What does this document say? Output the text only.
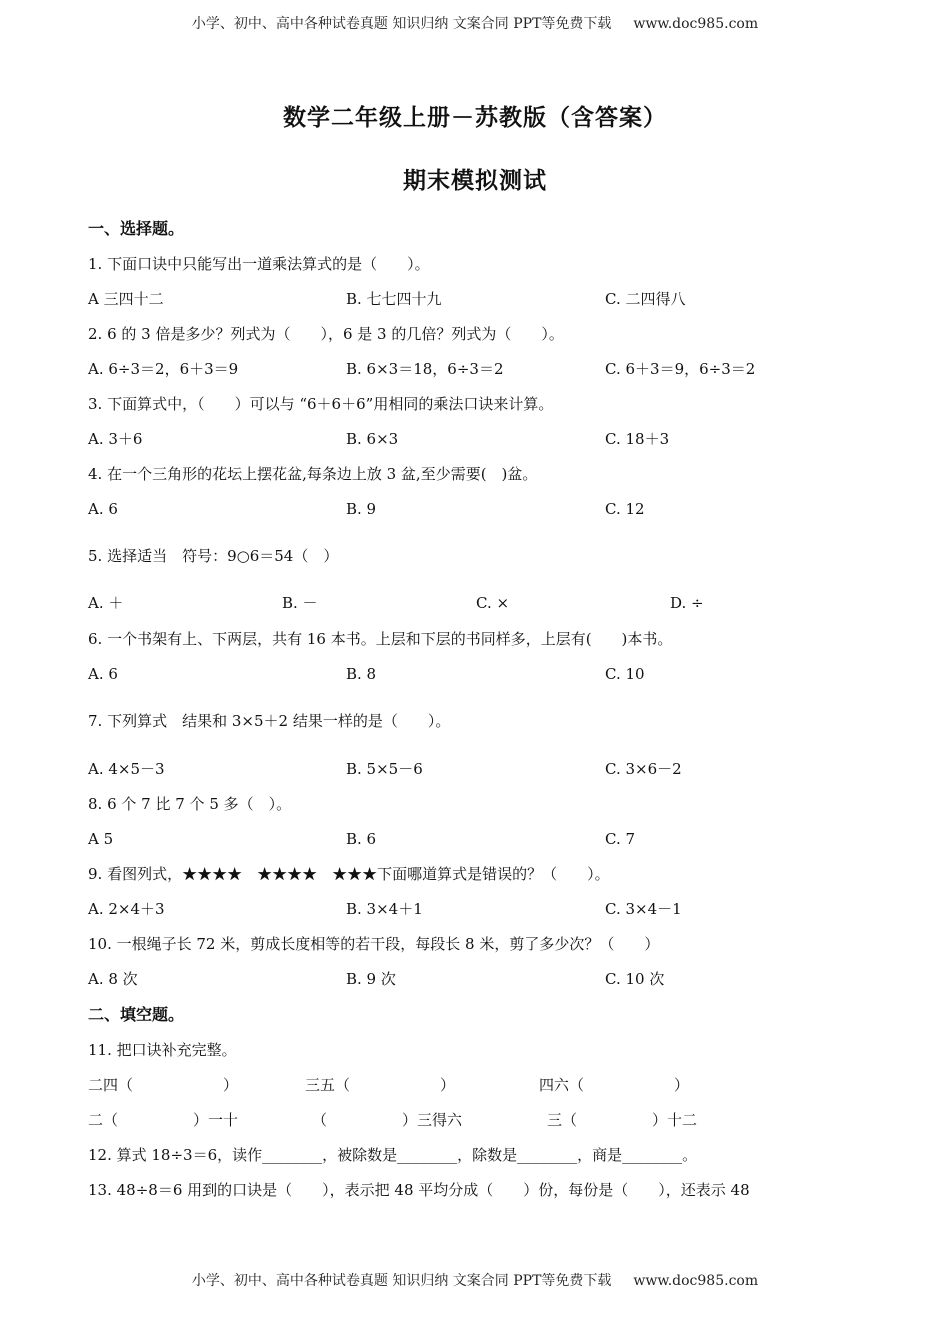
小学、初中、高中各种试卷真题 知识归纳 文案合同 PPT等免费下载 www.doc985.com
数学二年级上册－苏教版（含答案）
期末模拟测试
一、选择题。
1. 下面口诀中只能写出一道乘法算式的是（　　）。
A 三四十二	B. 七七四十九	C. 二四得八
2. 6 的 3 倍是多少？列式为（　　），6 是 3 的几倍？列式为（　　）。
A. 6÷3＝2，6＋3＝9	B. 6×3＝18，6÷3＝2	C. 6＋3＝9，6÷3＝2
3. 下面算式中，（　　）可以与 “6＋6＋6”用相同的乘法口诀来计算。
A. 3＋6	B. 6×3	C. 18＋3
4. 在一个三角形的花坛上摆花盆,每条边上放 3 盆,至少需要(　)盆。
A. 6	B. 9	C. 12
5. 选择适当　符号：9○6＝54（　）
A. ＋	B. －	C. ×	D. ÷
6. 一个书架有上、下两层，共有 16 本书。上层和下层的书同样多，上层有(　　)本书。
A. 6	B. 8	C. 10
7. 下列算式　结果和 3×5＋2 结果一样的是（　　）。
A. 4×5－3	B. 5×5－6	C. 3×6－2
8. 6 个 7 比 7 个 5 多（　）。
A 5	B. 6	C. 7
9. 看图列式，★★★★　★★★★　★★★下面哪道算式是错误的？（　　）。
A. 2×4＋3	B. 3×4＋1	C. 3×4－1
10. 一根绳子长 72 米，剪成长度相等的若干段，每段长 8 米，剪了多少次？（　　）
A. 8 次	B. 9 次	C. 10 次
二、填空题。
11. 把口诀补充完整。
二四（　　　　　　）	三五（　　　　　　）	四六（　　　　　　）
二（　　　　　）一十	（　　　　　）三得六	三（　　　　　）十二
12. 算式 18÷3＝6，读作________，被除数是________，除数是________，商是________。
13. 48÷8＝6 用到的口诀是（　　），表示把 48 平均分成（　　）份，每份是（　　），还表示 48
小学、初中、高中各种试卷真题 知识归纳 文案合同 PPT等免费下载 www.doc985.com
